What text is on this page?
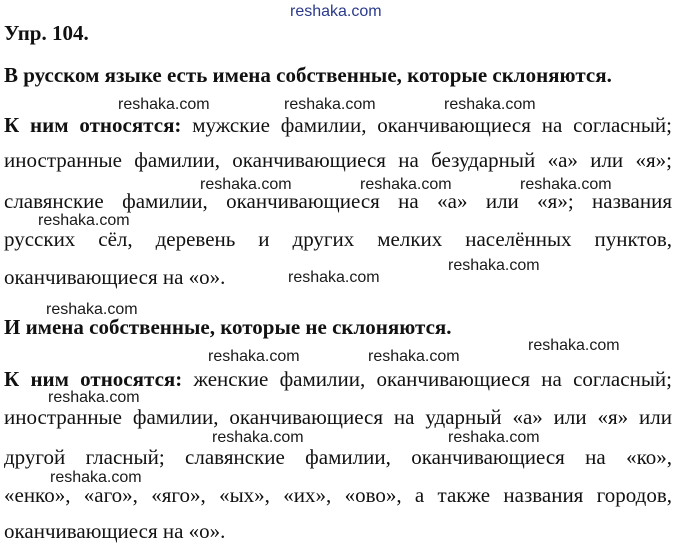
reshaka.com
Упр. 104.
В русском языке есть имена собственные, которые склоняются.
К ним относятся: мужские фамилии, оканчивающиеся на согласный;
иностранные фамилии, оканчивающиеся на безударный «а» или «я»;
славянские фамилии, оканчивающиеся на «а» или «я»; названия
русских сёл, деревень и других мелких населённых пунктов,
оканчивающиеся на «о».
И имена собственные, которые не склоняются.
К ним относятся: женские фамилии, оканчивающиеся на согласный;
иностранные фамилии, оканчивающиеся на ударный «а» или «я» или
другой гласный; славянские фамилии, оканчивающиеся на «ко»,
«енко», «аго», «яго», «ых», «их», «ово», а также названия городов,
оканчивающиеся на «о».
reshaka.com	reshaka.com	reshaka.com
reshaka.com	reshaka.com	reshaka.com
reshaka.com
reshaka.com
reshaka.com
reshaka.com
reshaka.com
reshaka.com	reshaka.com
reshaka.com
reshaka.com	reshaka.com
reshaka.com
